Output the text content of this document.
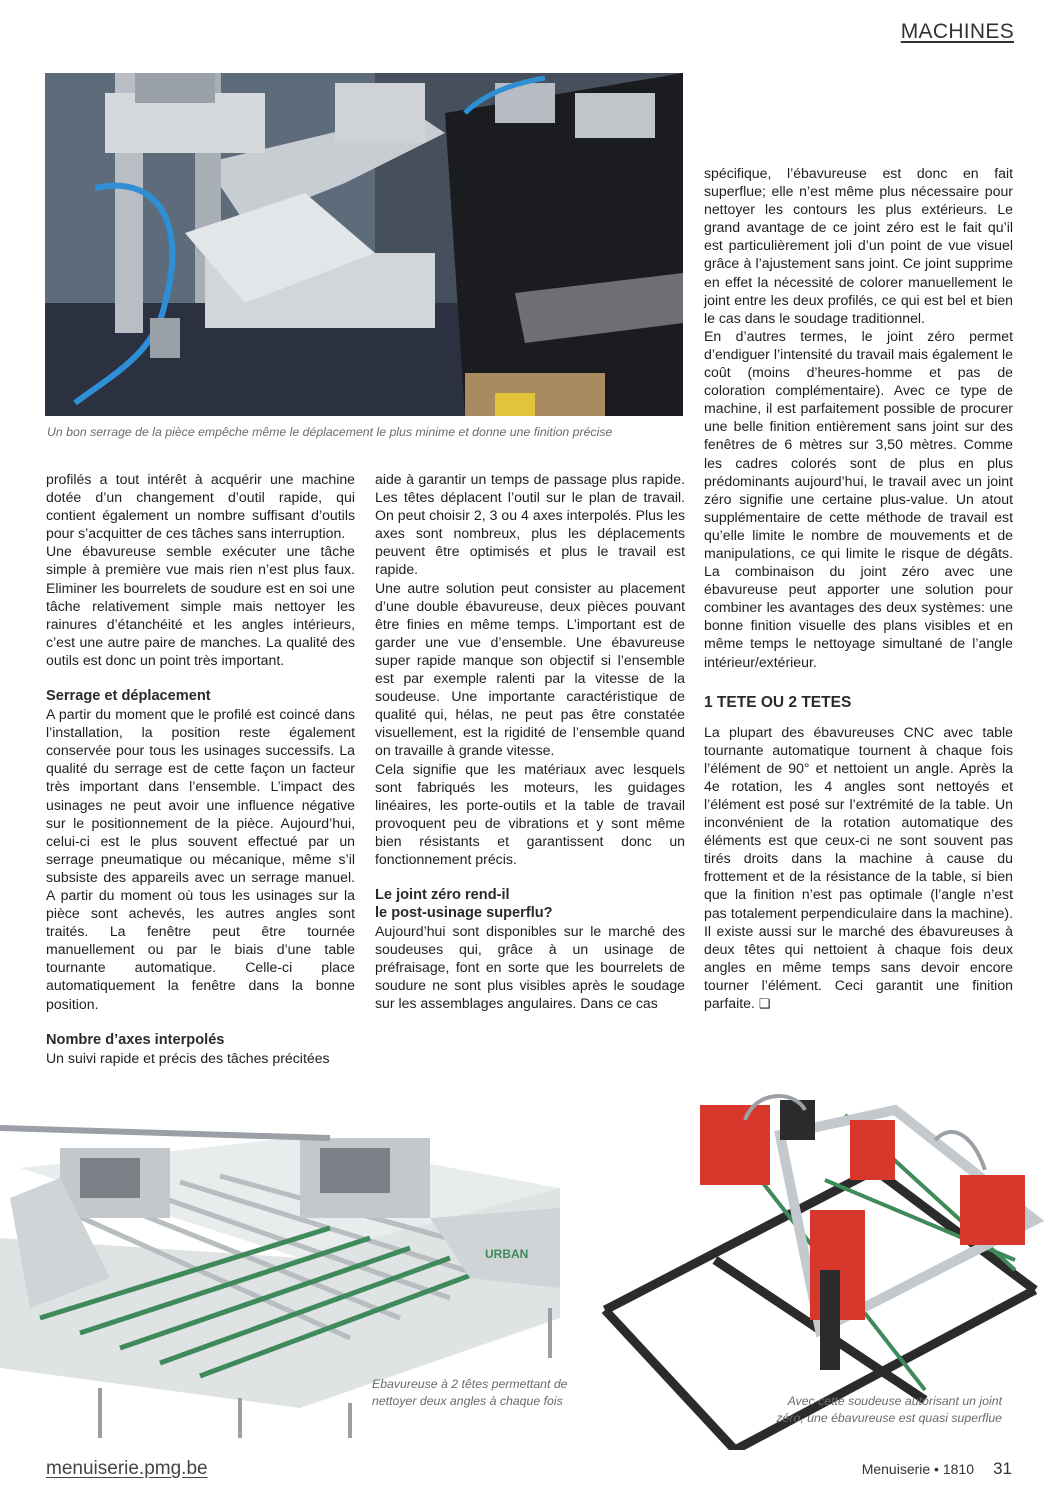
MACHINES
Un bon serrage de la pièce empêche même le déplacement le plus minime et donne une finition précise

profilés a tout intérêt à acquérir une machine dotée d’un changement d’outil rapide, qui contient également un nombre suffisant d’outils pour s’acquitter de ces tâches sans interruption.

Une ébavureuse semble exécuter une tâche simple à première vue mais rien n’est plus faux. Eliminer les bourrelets de soudure est en soi une tâche relativement simple mais nettoyer les rainures d’étanchéité et les angles intérieurs, c’est une autre paire de manches. La qualité des outils est donc un point très important.

Serrage et déplacement

A partir du moment que le profilé est coincé dans l’installation, la position reste également conservée pour tous les usinages successifs. La qualité du serrage est de cette façon un facteur très important dans l’ensemble. L’impact des usinages ne peut avoir une influence négative sur le positionnement de la pièce. Aujourd’hui, celui-ci est le plus souvent effectué par un serrage pneumatique ou mécanique, même s’il subsiste des appareils avec un serrage manuel. A partir du moment où tous les usinages sur la pièce sont achevés, les autres angles sont traités. La fenêtre peut être tournée manuellement ou par le biais d’une table tournante automatique. Celle-ci place automatiquement la fenêtre dans la bonne position.

Nombre d’axes interpolés

Un suivi rapide et précis des tâches précitées

aide à garantir un temps de passage plus rapide. Les têtes déplacent l’outil sur le plan de travail. On peut choisir 2, 3 ou 4 axes interpolés. Plus les axes sont nombreux, plus les déplacements peuvent être optimisés et plus le travail est rapide.

Une autre solution peut consister au placement d’une double ébavureuse, deux pièces pouvant être finies en même temps. L’important est de garder une vue d’ensemble. Une ébavureuse super rapide manque son objectif si l’ensemble est par exemple ralenti par la vitesse de la soudeuse. Une importante caractéristique de qualité qui, hélas, ne peut pas être constatée visuellement, est la rigidité de l’ensemble quand on travaille à grande vitesse.

Cela signifie que les matériaux avec lesquels sont fabriqués les moteurs, les guidages linéaires, les porte-outils et la table de travail provoquent peu de vibrations et y sont même bien résistants et garantissent donc un fonctionnement précis.

Le joint zéro rend-il
le post-usinage superflu?

Aujourd’hui sont disponibles sur le marché des soudeuses qui, grâce à un usinage de préfraisage, font en sorte que les bourrelets de soudure ne sont plus visibles après le soudage sur les assemblages angulaires. Dans ce cas

spécifique, l’ébavureuse est donc en fait superflue; elle n’est même plus nécessaire pour nettoyer les contours les plus extérieurs. Le grand avantage de ce joint zéro est le fait qu’il est particulièrement joli d’un point de vue visuel grâce à l’ajustement sans joint. Ce joint supprime en effet la nécessité de colorer manuellement le joint entre les deux profilés, ce qui est bel et bien le cas dans le soudage traditionnel.

En d’autres termes, le joint zéro permet d’endiguer l’intensité du travail mais également le coût (moins d’heures-homme et pas de coloration complémentaire). Avec ce type de machine, il est parfaitement possible de procurer une belle finition entièrement sans joint sur des fenêtres de 6 mètres sur 3,50 mètres. Comme les cadres colorés sont de plus en plus prédominants aujourd’hui, le travail avec un joint zéro signifie une certaine plus-value. Un atout supplémentaire de cette méthode de travail est qu’elle limite le nombre de mouvements et de manipulations, ce qui limite le risque de dégâts. La combinaison du joint zéro avec une ébavureuse peut apporter une solution pour combiner les avantages des deux systèmes: une bonne finition visuelle des plans visibles et en même temps le nettoyage simultané de l’angle intérieur/extérieur.

1 TETE OU 2 TETES

La plupart des ébavureuses CNC avec table tournante automatique tournent à chaque fois l’élément de 90° et nettoient un angle. Après la 4e rotation, les 4 angles sont nettoyés et l’élément est posé sur l’extrémité de la table. Un inconvénient de la rotation automatique des éléments est que ceux-ci ne sont souvent pas tirés droits dans la machine à cause du frottement et de la résistance de la table, si bien que la finition n’est pas optimale (l’angle n’est pas totalement perpendiculaire dans la machine). Il existe aussi sur le marché des ébavureuses à deux têtes qui nettoient à chaque fois deux angles en même temps sans devoir encore tourner l’élément. Ceci garantit une finition parfaite. ❑

URBAN
Ebavureuse à 2 têtes permettant de nettoyer deux angles à chaque fois	Avec cette soudeuse autorisant un joint zéro, une ébavureuse est quasi superflue
menuiserie.pmg.be	Menuiserie • 1810 31
